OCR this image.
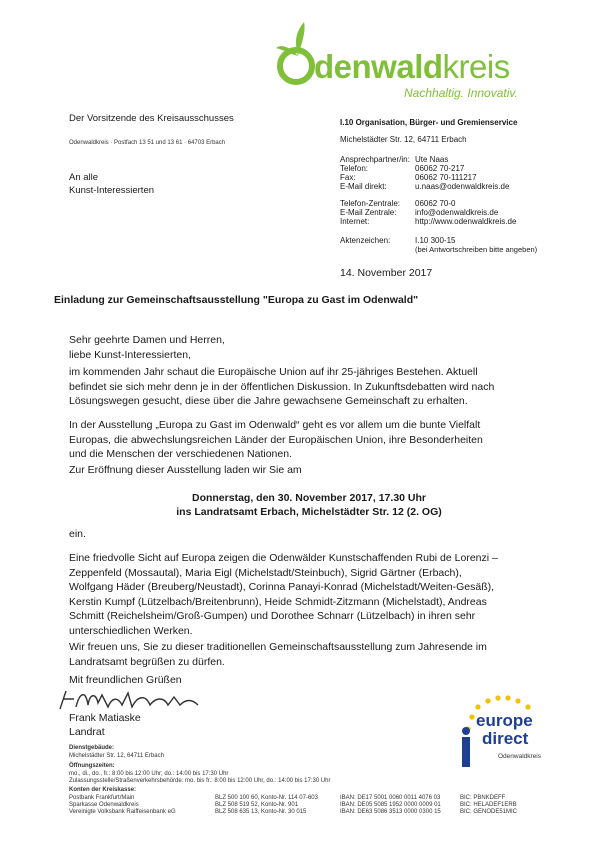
denwaldkreis
Nachhaltig. Innovativ.
Der Vorsitzende des Kreisausschusses
Odenwaldkreis · Postfach 13 51 und 13 61 · 64703 Erbach
An alle
Kunst-Interessierten
I.10 Organisation, Bürger- und Gremienservice
Michelstädter Str. 12, 64711 Erbach
Ansprechpartner/in: Ute Naas
Telefon:	06062 70-217
Fax:	06062 70-111217
E-Mail direkt:	u.naas@odenwaldkreis.de
Telefon-Zentrale: 06062 70-0
E-Mail Zentrale: info@odenwaldkreis.de
Internet:	http://www.odenwaldkreis.de
Aktenzeichen:	I.10 300-15
(bei Antwortschreiben bitte angeben)
14. November 2017
Einladung zur Gemeinschaftsausstellung "Europa zu Gast im Odenwald"
Sehr geehrte Damen und Herren,
liebe Kunst-Interessierten,
im kommenden Jahr schaut die Europäische Union auf ihr 25-jähriges Bestehen. Aktuell
befindet sie sich mehr denn je in der öffentlichen Diskussion. In Zukunftsdebatten wird nach
Lösungswegen gesucht, diese über die Jahre gewachsene Gemeinschaft zu erhalten.
In der Ausstellung „Europa zu Gast im Odenwald“ geht es vor allem um die bunte Vielfalt
Europas, die abwechslungsreichen Länder der Europäischen Union, ihre Besonderheiten
und die Menschen der verschiedenen Nationen.
Zur Eröffnung dieser Ausstellung laden wir Sie am
Donnerstag, den 30. November 2017, 17.30 Uhr
ins Landratsamt Erbach, Michelstädter Str. 12 (2. OG)
ein.
Eine friedvolle Sicht auf Europa zeigen die Odenwälder Kunstschaffenden Rubi de Lorenzi –
Zeppenfeld (Mossautal), Maria Eigl (Michelstadt/Steinbuch), Sigrid Gärtner (Erbach),
Wolfgang Häder (Breuberg/Neustadt), Corinna Panayi-Konrad (Michelstadt/Weiten-Gesäß),
Kerstin Kumpf (Lützelbach/Breitenbrunn), Heide Schmidt-Zitzmann (Michelstadt), Andreas
Schmitt (Reichelsheim/Groß-Gumpen) und Dorothee Schnarr (Lützelbach) in ihren sehr
unterschiedlichen Werken.
Wir freuen uns, Sie zu dieser traditionellen Gemeinschaftsausstellung zum Jahresende im
Landratsamt begrüßen zu dürfen.
Mit freundlichen Grüßen
Frank Matiaske
Landrat
europe
direct
Odenwaldkreis
Dienstgebäude:
Michelstädter Str. 12, 64711 Erbach
Öffnungszeiten:
mo., di., do., fr.: 8:00 bis 12:00 Uhr; do.: 14:00 bis 17:30 Uhr
Zulassungsstelle/Straßenverkehrsbehörde: mo. bis fr.: 8:00 bis 12:00 Uhr, do.: 14:00 bis 17:30 Uhr
Konten der Kreiskasse:
Postbank Frankfurt/Main	BLZ 500 100 60, Konto-Nr. 114 07-603	IBAN: DE17 5001 0060 0011 4076 03	BIC: PBNKDEFF
Sparkasse Odenwaldkreis	BLZ 508 519 52, Konto-Nr. 901	IBAN: DE05 5085 1952 0000 0009 01	BIC: HELADEF1ERB
Vereinigte Volksbank Raiffeisenbank eG	BLZ 508 635 13, Konto-Nr. 30 015	IBAN: DE63 5086 3513 0000 0300 15	BIC: GENODE51MIC
